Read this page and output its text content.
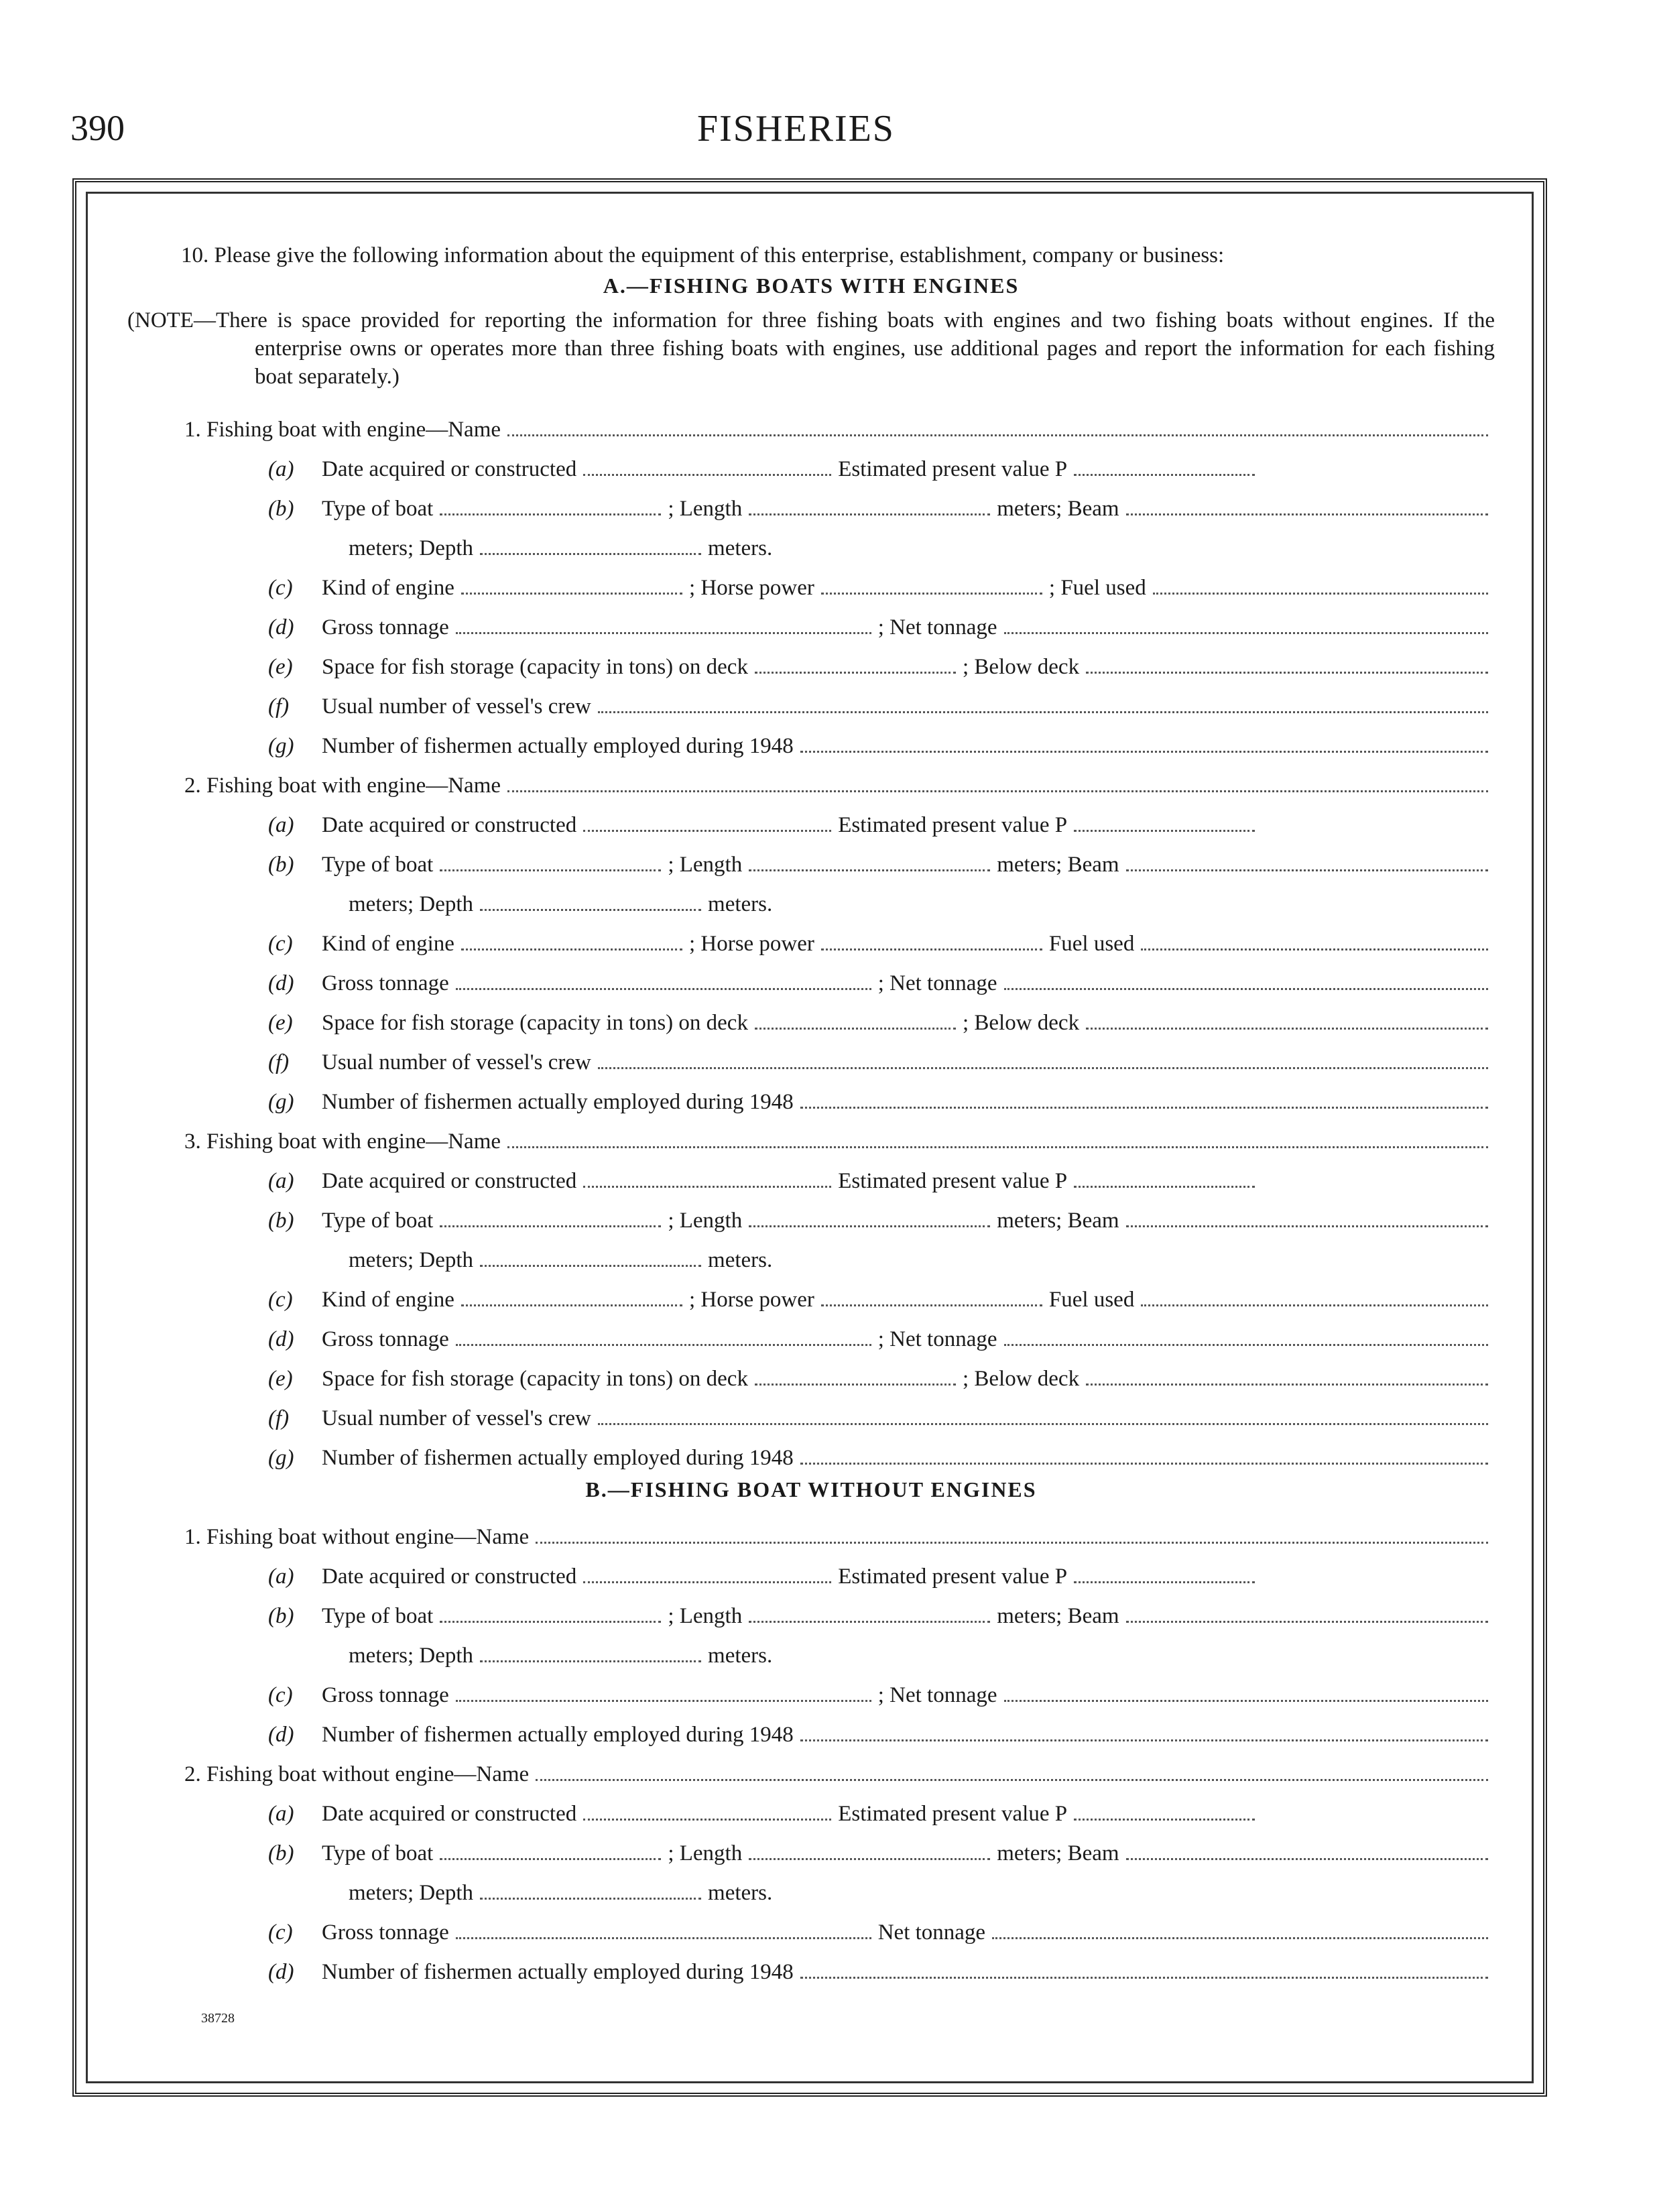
390	FISHERIES

10. Please give the following information about the equipment of this enterprise, establishment, company or business:

A.—FISHING BOATS WITH ENGINES
(NOTE—There is space provided for reporting the information for three fishing boats with engines and two fishing boats without engines. If the enterprise owns or operates more than three fishing boats with engines, use additional pages and report the information for each fishing boat separately.)
1. Fishing boat with engine—Name
(a)	Date acquired or constructed	Estimated present value P
(b)	Type of boat	; Length	meters; Beam
meters; Depth	meters.
(c)	Kind of engine	; Horse power	; Fuel used
(d)	Gross tonnage	; Net tonnage
(e)	Space for fish storage (capacity in tons) on deck	; Below deck
(f)	Usual number of vessel's crew
(g)	Number of fishermen actually employed during 1948
2. Fishing boat with engine—Name
(a)	Date acquired or constructed	Estimated present value P
(b)	Type of boat	; Length	meters; Beam
meters; Depth	meters.
(c)	Kind of engine	; Horse power	Fuel used
(d)	Gross tonnage	; Net tonnage
(e)	Space for fish storage (capacity in tons) on deck	; Below deck
(f)	Usual number of vessel's crew
(g)	Number of fishermen actually employed during 1948
3. Fishing boat with engine—Name
(a)	Date acquired or constructed	Estimated present value P
(b)	Type of boat	; Length	meters; Beam
meters; Depth	meters.
(c)	Kind of engine	; Horse power	Fuel used
(d)	Gross tonnage	; Net tonnage
(e)	Space for fish storage (capacity in tons) on deck	; Below deck
(f)	Usual number of vessel's crew
(g)	Number of fishermen actually employed during 1948
B.—FISHING BOAT WITHOUT ENGINES
1. Fishing boat without engine—Name
(a)	Date acquired or constructed	Estimated present value P
(b)	Type of boat	; Length	meters; Beam
meters; Depth	meters.
(c)	Gross tonnage	; Net tonnage
(d)	Number of fishermen actually employed during 1948
2. Fishing boat without engine—Name
(a)	Date acquired or constructed	Estimated present value P
(b)	Type of boat	; Length	meters; Beam
meters; Depth	meters.
(c)	Gross tonnage	Net tonnage
(d)	Number of fishermen actually employed during 1948
38728
